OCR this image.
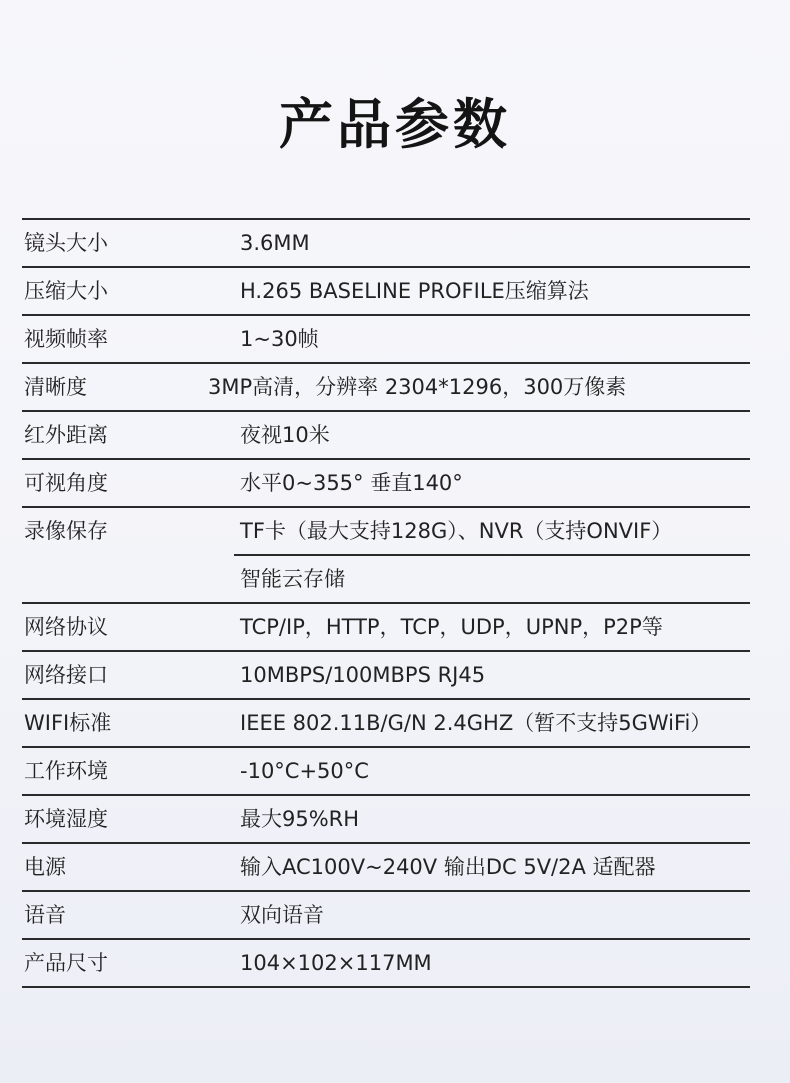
产品参数
镜头大小	3.6MM
压缩大小	H.265 BASELINE PROFILE压缩算法
视频帧率	1~30帧
清晰度	3MP高清，分辨率 2304*1296，300万像素
红外距离	夜视10米
可视角度	水平0~355° 垂直140°
录像保存	TF卡（最大支持128G）、NVR（支持ONVIF）
智能云存储
网络协议	TCP/IP，HTTP，TCP，UDP，UPNP，P2P等
网络接口	10MBPS/100MBPS RJ45
WIFI标准	IEEE 802.11B/G/N 2.4GHZ（暂不支持5GWiFi）
工作环境	-10°C+50°C
环境湿度	最大95%RH
电源	输入AC100V~240V 输出DC 5V/2A 适配器
语音	双向语音
产品尺寸	104×102×117MM
